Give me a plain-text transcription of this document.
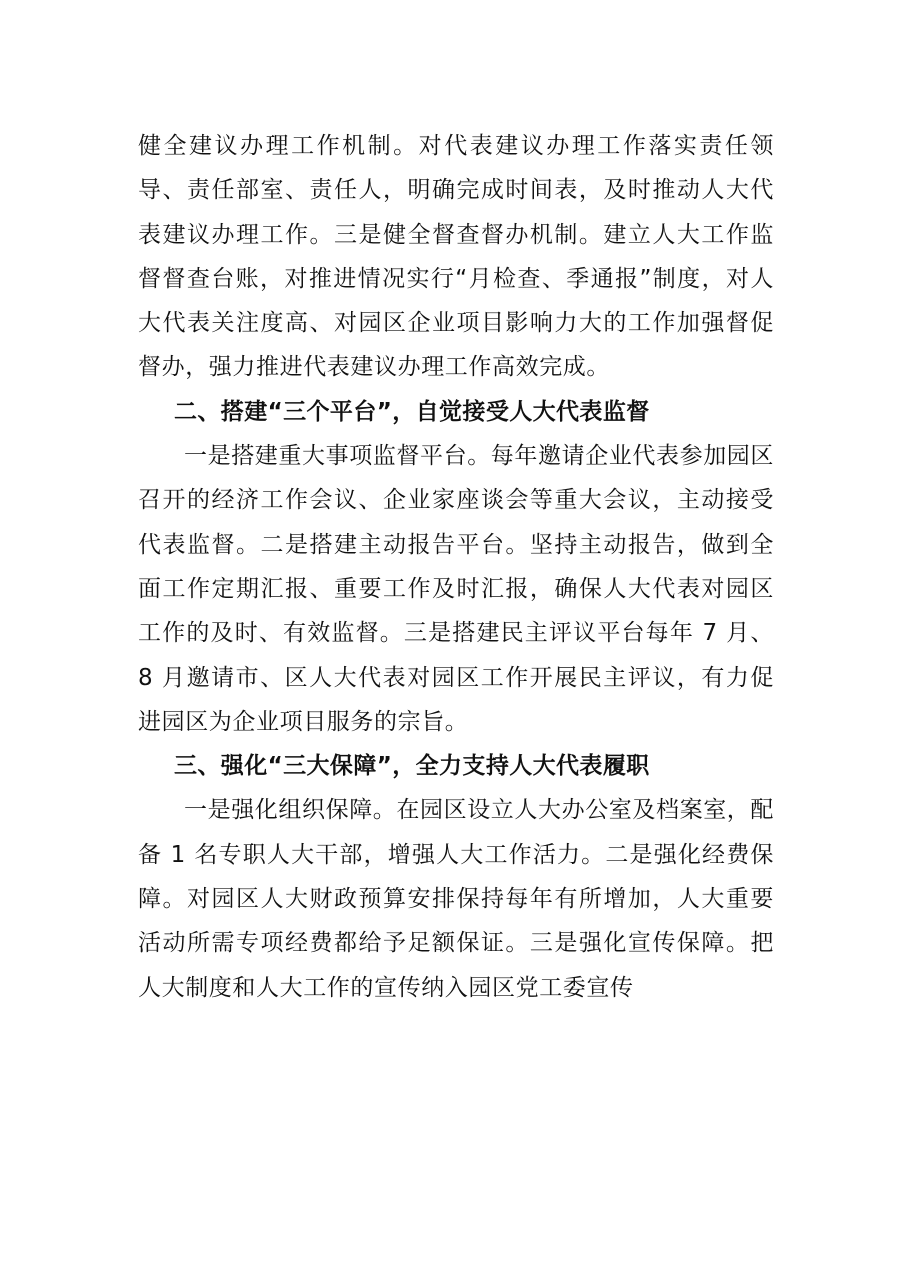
健全建议办理工作机制。对代表建议办理工作落实责任领导、责任部室、责任人，明确完成时间表，及时推动人大代表建议办理工作。三是健全督查督办机制。建立人大工作监督督查台账，对推进情况实行“月检查、季通报”制度，对人大代表关注度高、对园区企业项目影响力大的工作加强督促督办，强力推进代表建议办理工作高效完成。

二、搭建“三个平台”，自觉接受人大代表监督

一是搭建重大事项监督平台。每年邀请企业代表参加园区召开的经济工作会议、企业家座谈会等重大会议，主动接受代表监督。二是搭建主动报告平台。坚持主动报告，做到全面工作定期汇报、重要工作及时汇报，确保人大代表对园区工作的及时、有效监督。三是搭建民主评议平台每年 7 月、8 月邀请市、区人大代表对园区工作开展民主评议，有力促进园区为企业项目服务的宗旨。

三、强化“三大保障”，全力支持人大代表履职

一是强化组织保障。在园区设立人大办公室及档案室，配备 1 名专职人大干部，增强人大工作活力。二是强化经费保障。对园区人大财政预算安排保持每年有所增加，人大重要活动所需专项经费都给予足额保证。三是强化宣传保障。把人大制度和人大工作的宣传纳入园区党工委宣传
